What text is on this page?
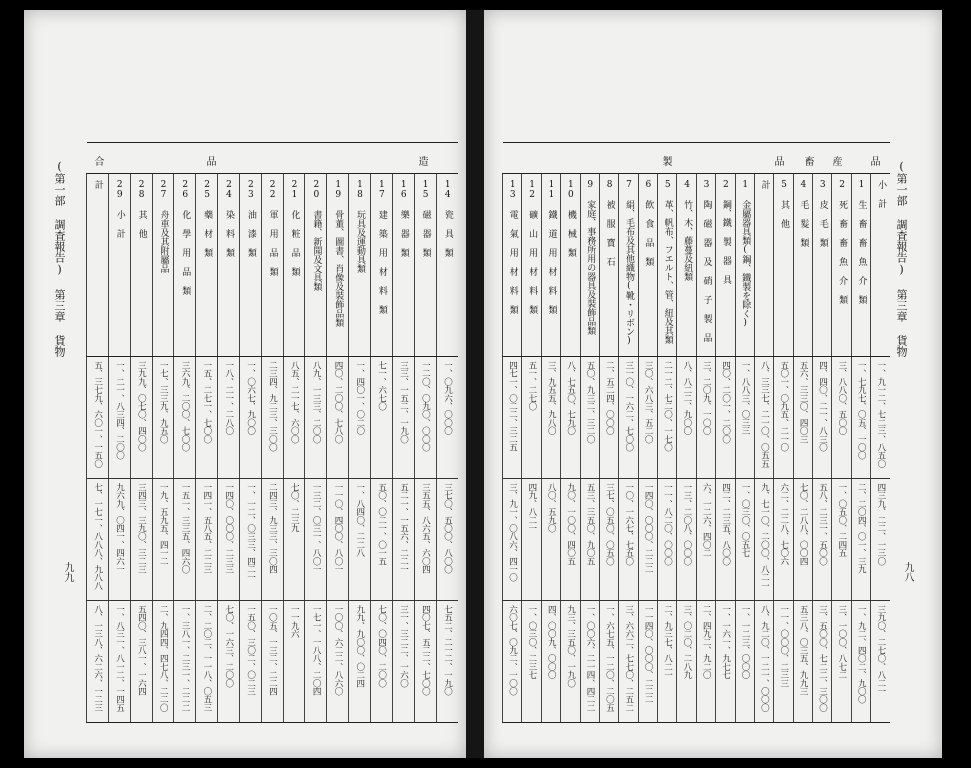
(第一部 調査報告) 第三章 貨物
九九
合 品 造																

計	29 小 計	28 其 他	27 舟車及其附屬品	26 化 學 用 品 類	25 藥 材 類	24 染 料 類	23 油 漆 類	22 軍 用 品 類	21 化 粧 品 類	20 書籍、新聞及文具類	19 骨董、圖書、肖像及裝飾品類	18 玩具及運動具類	17 建 築 用 材 料 類	16 樂 器 類	15 磁 器 類	14 瓷 具 類

五、三七九、六〇一、一五〇	一、二一、八三四、二〇〇	三九九、〇七〇、四〇〇	一七、三三九、九五〇	三六九、二〇〇、七〇〇	一五、二七一、七〇〇	一八、二一、二八〇	一、〇六七、九〇〇	二三四、九二三、三〇〇	八五、二一七、六〇〇	八九、一三三、二〇〇	四〇、二〇〇、七八〇	一、四〇一、〇二〇	七一、六七〇	三三、一五二、一九〇	一二〇、〇九〇、〇〇〇	一、〇九六、〇〇〇

七、一七一、八八八、九八八	九六九、〇四一、四六一	三四三、三九〇、三二三	一九、五九五、四一二	一五一、三三五、四六〇	一四一、五八五、二二三	一四〇、〇〇〇、二三三	一、一二、〇三三、四二一	二四三、九三三、三〇四	七〇、二三九	一三二、〇三一、八〇一	一一〇、四〇〇、八〇一	一、八四〇、二二八	五〇、〇二一、〇一五	五二一、一五六、二二一	三五五、八六五、六〇四	三七〇、五〇〇、八〇〇

八、一三八、六二六、一二三	一、八三一、八一二、一四五	五四〇、三八一、一六四	二、九四四、四七八、二二〇	一、三八一、二三一、二二二	二、二〇二、一一八、〇五三	七〇、一六三、二〇〇	一五〇、三〇二、〇二三	一〇五、一三二、二二四	一一九六	一七一、一八八、二〇四	一〇〇、六二二、八六〇	九九、九〇〇、〇二四	七〇、〇四〇、二〇〇	三一、三二二、一六〇	四〇七、五二二、七〇〇	七五二、二一二、一九〇
(第一部 調査報告) 第三章 貨物
九八
製 品 畜 産 品																			

13 電 氣 用 材 料 類	12 礦 山 用 材 料 類	11 鐵 道 用 材 料 類	10 機 械 類	9 家庭、事務所用の器具及裝飾品類	8 被 服 寶 石	7 絹、毛布及其他織物(靴・リボン)	6 飲 食 品 類	5 革、帆布、フエルト、管、紐及其類	4 竹、木、藤蔓及紐類	3 陶 磁 器 及 硝 子 製 品	2 鋼、鐵 製 器 具	1 金屬器具類(鋼、鐵製を除く)	計	5 其 他	4 毛 髮 類	3 皮 毛 類	2 死 畜 畜 魚 介 類	1 生 畜 畜 魚 介 類	小 計

四七一、〇二二、三二五	五一、二七〇	三、九五五、九八〇	八、七五〇、七九〇	五〇、九三二、三二〇	二、五二四、〇〇〇	三一〇、一六二、七〇〇	三〇、六八三、五二〇	二一二、七二〇、一七〇	八、八二二、九〇〇	三、二〇九、一〇〇	四〇、二〇一、二〇〇	一、八八三、〇三三	八、三三七、二一〇、〇五五	五〇一、〇九五、二一〇	五六、三三〇、四〇三	四、四〇、二一、八三〇	三、八八〇、五〇〇	一、七九七、〇五、一〇〇	一、九一二、七二三、八五〇

三、九一、〇八六、四一〇	四九、八二一	八〇、五九〇	九〇、一〇〇、四〇五	五三、三五〇、九〇五	三七、〇五〇、〇五〇	一〇、一六七、七五〇	一四〇、〇〇〇、二二二	一一、八二〇、〇〇〇	一三、二〇八、〇〇〇	六、一二六、四〇二	四二、二三五、八〇〇	一、〇三〇、〇五七	九、七一〇、二〇〇、八二一	六二、二二八、七〇六	七〇、二八八、〇〇四	五八、二三一、五〇〇	一、〇五〇、二四五	二、二〇四、〇一、三九	四三九、二二、一三〇

六〇七、〇九二、一〇〇	一、〇三〇、二三七	四、〇〇九、〇〇〇	九三、三五〇、一九〇	一、〇〇六、二一四、四二二	一、六七五、一二〇、二〇五	三、六六二、七七〇、二五二	一一四〇、〇〇〇、二二二	二、九三七、八二一	三、〇二〇、二八九	二、四九二、九二〇	一、一六一、九七七	一、一二三、〇〇〇	八、九二〇、一二一、〇〇〇	一一、〇〇〇、二三三	五三八、〇三五、九九三	三、五〇〇、七二二、三〇〇	三、一〇〇、八七二	一、九二、四〇二、九〇〇	三九〇、二七〇、八二一
